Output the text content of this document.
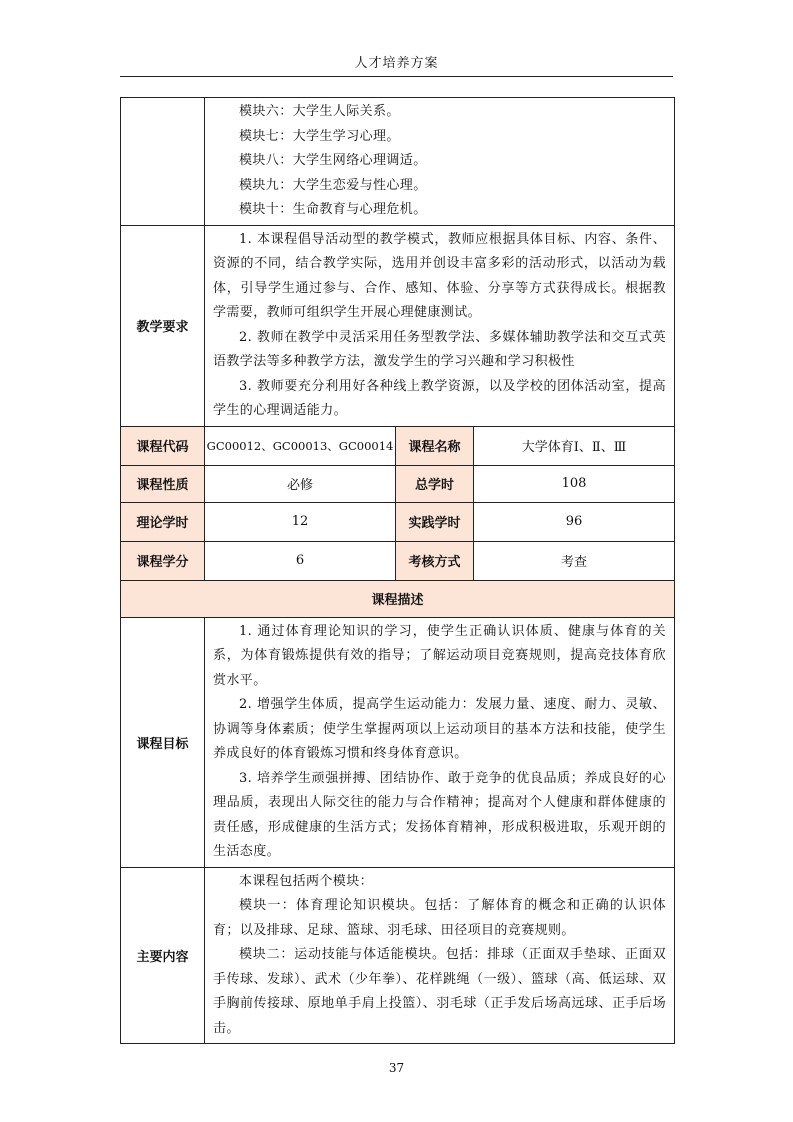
人才培养方案

	模块六：大学生人际关系。

模块七：大学生学习心理。

模块八：大学生网络心理调适。

模块九：大学生恋爱与性心理。

模块十：生命教育与心理危机。		

教学要求	1. 本课程倡导活动型的教学模式，教师应根据具体目标、内容、条件、资源的不同，结合教学实际，选用并创设丰富多彩的活动形式，以活动为载体，引导学生通过参与、合作、感知、体验、分享等方式获得成长。根据教学需要，教师可组织学生开展心理健康测试。

2. 教师在教学中灵活采用任务型教学法、多媒体辅助教学法和交互式英语教学法等多种教学方法，激发学生的学习兴趣和学习积极性

3. 教师要充分利用好各种线上教学资源，以及学校的团体活动室，提高学生的心理调适能力。		

课程代码	GC00012、GC00013、GC00014	课程名称	大学体育Ⅰ、Ⅱ、Ⅲ
课程性质	必修	总学时	108
理论学时	12	实践学时	96
课程学分	6	考核方式	考查
课程描述			
课程目标	1. 通过体育理论知识的学习，使学生正确认识体质、健康与体育的关系，为体育锻炼提供有效的指导；了解运动项目竞赛规则，提高竞技体育欣赏水平。

2. 增强学生体质，提高学生运动能力：发展力量、速度、耐力、灵敏、协调等身体素质；使学生掌握两项以上运动项目的基本方法和技能，使学生养成良好的体育锻炼习惯和终身体育意识。

3. 培养学生顽强拼搏、团结协作、敢于竞争的优良品质；养成良好的心理品质，表现出人际交往的能力与合作精神；提高对个人健康和群体健康的责任感，形成健康的生活方式；发扬体育精神，形成积极进取，乐观开朗的生活态度。		

主要内容	本课程包括两个模块：

模块一：体育理论知识模块。包括：了解体育的概念和正确的认识体育；以及排球、足球、篮球、羽毛球、田径项目的竞赛规则。

模块二：运动技能与体适能模块。包括：排球（正面双手垫球、正面双手传球、发球）、武术（少年拳）、花样跳绳（一级）、篮球（高、低运球、双手胸前传接球、原地单手肩上投篮）、羽毛球（正手发后场高远球、正手后场击。		

37
